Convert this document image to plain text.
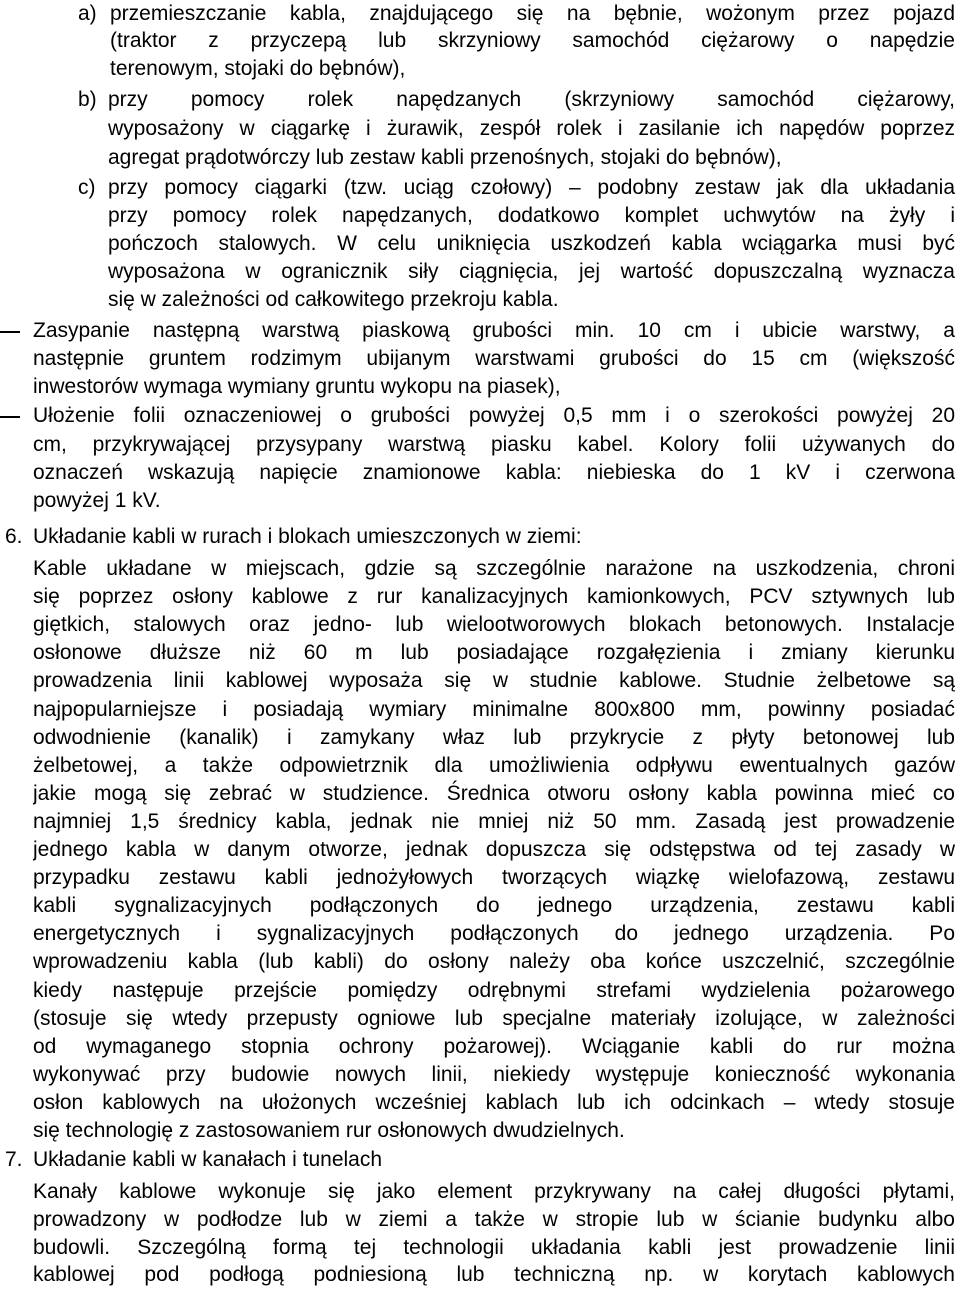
a) przemieszczanie kabla, znajdującego się na bębnie, wożonym przez pojazd
(traktor z przyczepą lub skrzyniowy samochód ciężarowy o napędzie
terenowym, stojaki do bębnów),
b) przy pomocy rolek napędzanych (skrzyniowy samochód ciężarowy,
wyposażony w ciągarkę i żurawik, zespół rolek i zasilanie ich napędów poprzez
agregat prądotwórczy lub zestaw kabli przenośnych, stojaki do bębnów),
c) przy pomocy ciągarki (tzw. uciąg czołowy) – podobny zestaw jak dla układania
przy pomocy rolek napędzanych, dodatkowo komplet uchwytów na żyły i
pończoch stalowych. W celu uniknięcia uszkodzeń kabla wciągarka musi być
wyposażona w ogranicznik siły ciągnięcia, jej wartość dopuszczalną wyznacza
się w zależności od całkowitego przekroju kabla.
Zasypanie następną warstwą piaskową grubości min. 10 cm i ubicie warstwy, a
następnie gruntem rodzimym ubijanym warstwami grubości do 15 cm (większość
inwestorów wymaga wymiany gruntu wykopu na piasek),
Ułożenie folii oznaczeniowej o grubości powyżej 0,5 mm i o szerokości powyżej 20
cm, przykrywającej przysypany warstwą piasku kabel. Kolory folii używanych do
oznaczeń wskazują napięcie znamionowe kabla: niebieska do 1 kV i czerwona
powyżej 1 kV.
6. Układanie kabli w rurach i blokach umieszczonych w ziemi:
Kable układane w miejscach, gdzie są szczególnie narażone na uszkodzenia, chroni
się poprzez osłony kablowe z rur kanalizacyjnych kamionkowych, PCV sztywnych lub
giętkich, stalowych oraz jedno- lub wielootworowych blokach betonowych. Instalacje
osłonowe dłuższe niż 60 m lub posiadające rozgałęzienia i zmiany kierunku
prowadzenia linii kablowej wyposaża się w studnie kablowe. Studnie żelbetowe są
najpopularniejsze i posiadają wymiary minimalne 800x800 mm, powinny posiadać
odwodnienie (kanalik) i zamykany właz lub przykrycie z płyty betonowej lub
żelbetowej, a także odpowietrznik dla umożliwienia odpływu ewentualnych gazów
jakie mogą się zebrać w studzience. Średnica otworu osłony kabla powinna mieć co
najmniej 1,5 średnicy kabla, jednak nie mniej niż 50 mm. Zasadą jest prowadzenie
jednego kabla w danym otworze, jednak dopuszcza się odstępstwa od tej zasady w
przypadku zestawu kabli jednożyłowych tworzących wiązkę wielofazową, zestawu
kabli sygnalizacyjnych podłączonych do jednego urządzenia, zestawu kabli
energetycznych i sygnalizacyjnych podłączonych do jednego urządzenia. Po
wprowadzeniu kabla (lub kabli) do osłony należy oba końce uszczelnić, szczególnie
kiedy następuje przejście pomiędzy odrębnymi strefami wydzielenia pożarowego
(stosuje się wtedy przepusty ogniowe lub specjalne materiały izolujące, w zależności
od wymaganego stopnia ochrony pożarowej). Wciąganie kabli do rur można
wykonywać przy budowie nowych linii, niekiedy występuje konieczność wykonania
osłon kablowych na ułożonych wcześniej kablach lub ich odcinkach – wtedy stosuje
się technologię z zastosowaniem rur osłonowych dwudzielnych.
7. Układanie kabli w kanałach i tunelach
Kanały kablowe wykonuje się jako element przykrywany na całej długości płytami,
prowadzony w podłodze lub w ziemi a także w stropie lub w ścianie budynku albo
budowli. Szczególną formą tej technologii układania kabli jest prowadzenie linii
kablowej pod podłogą podniesioną lub techniczną np. w korytach kablowych
